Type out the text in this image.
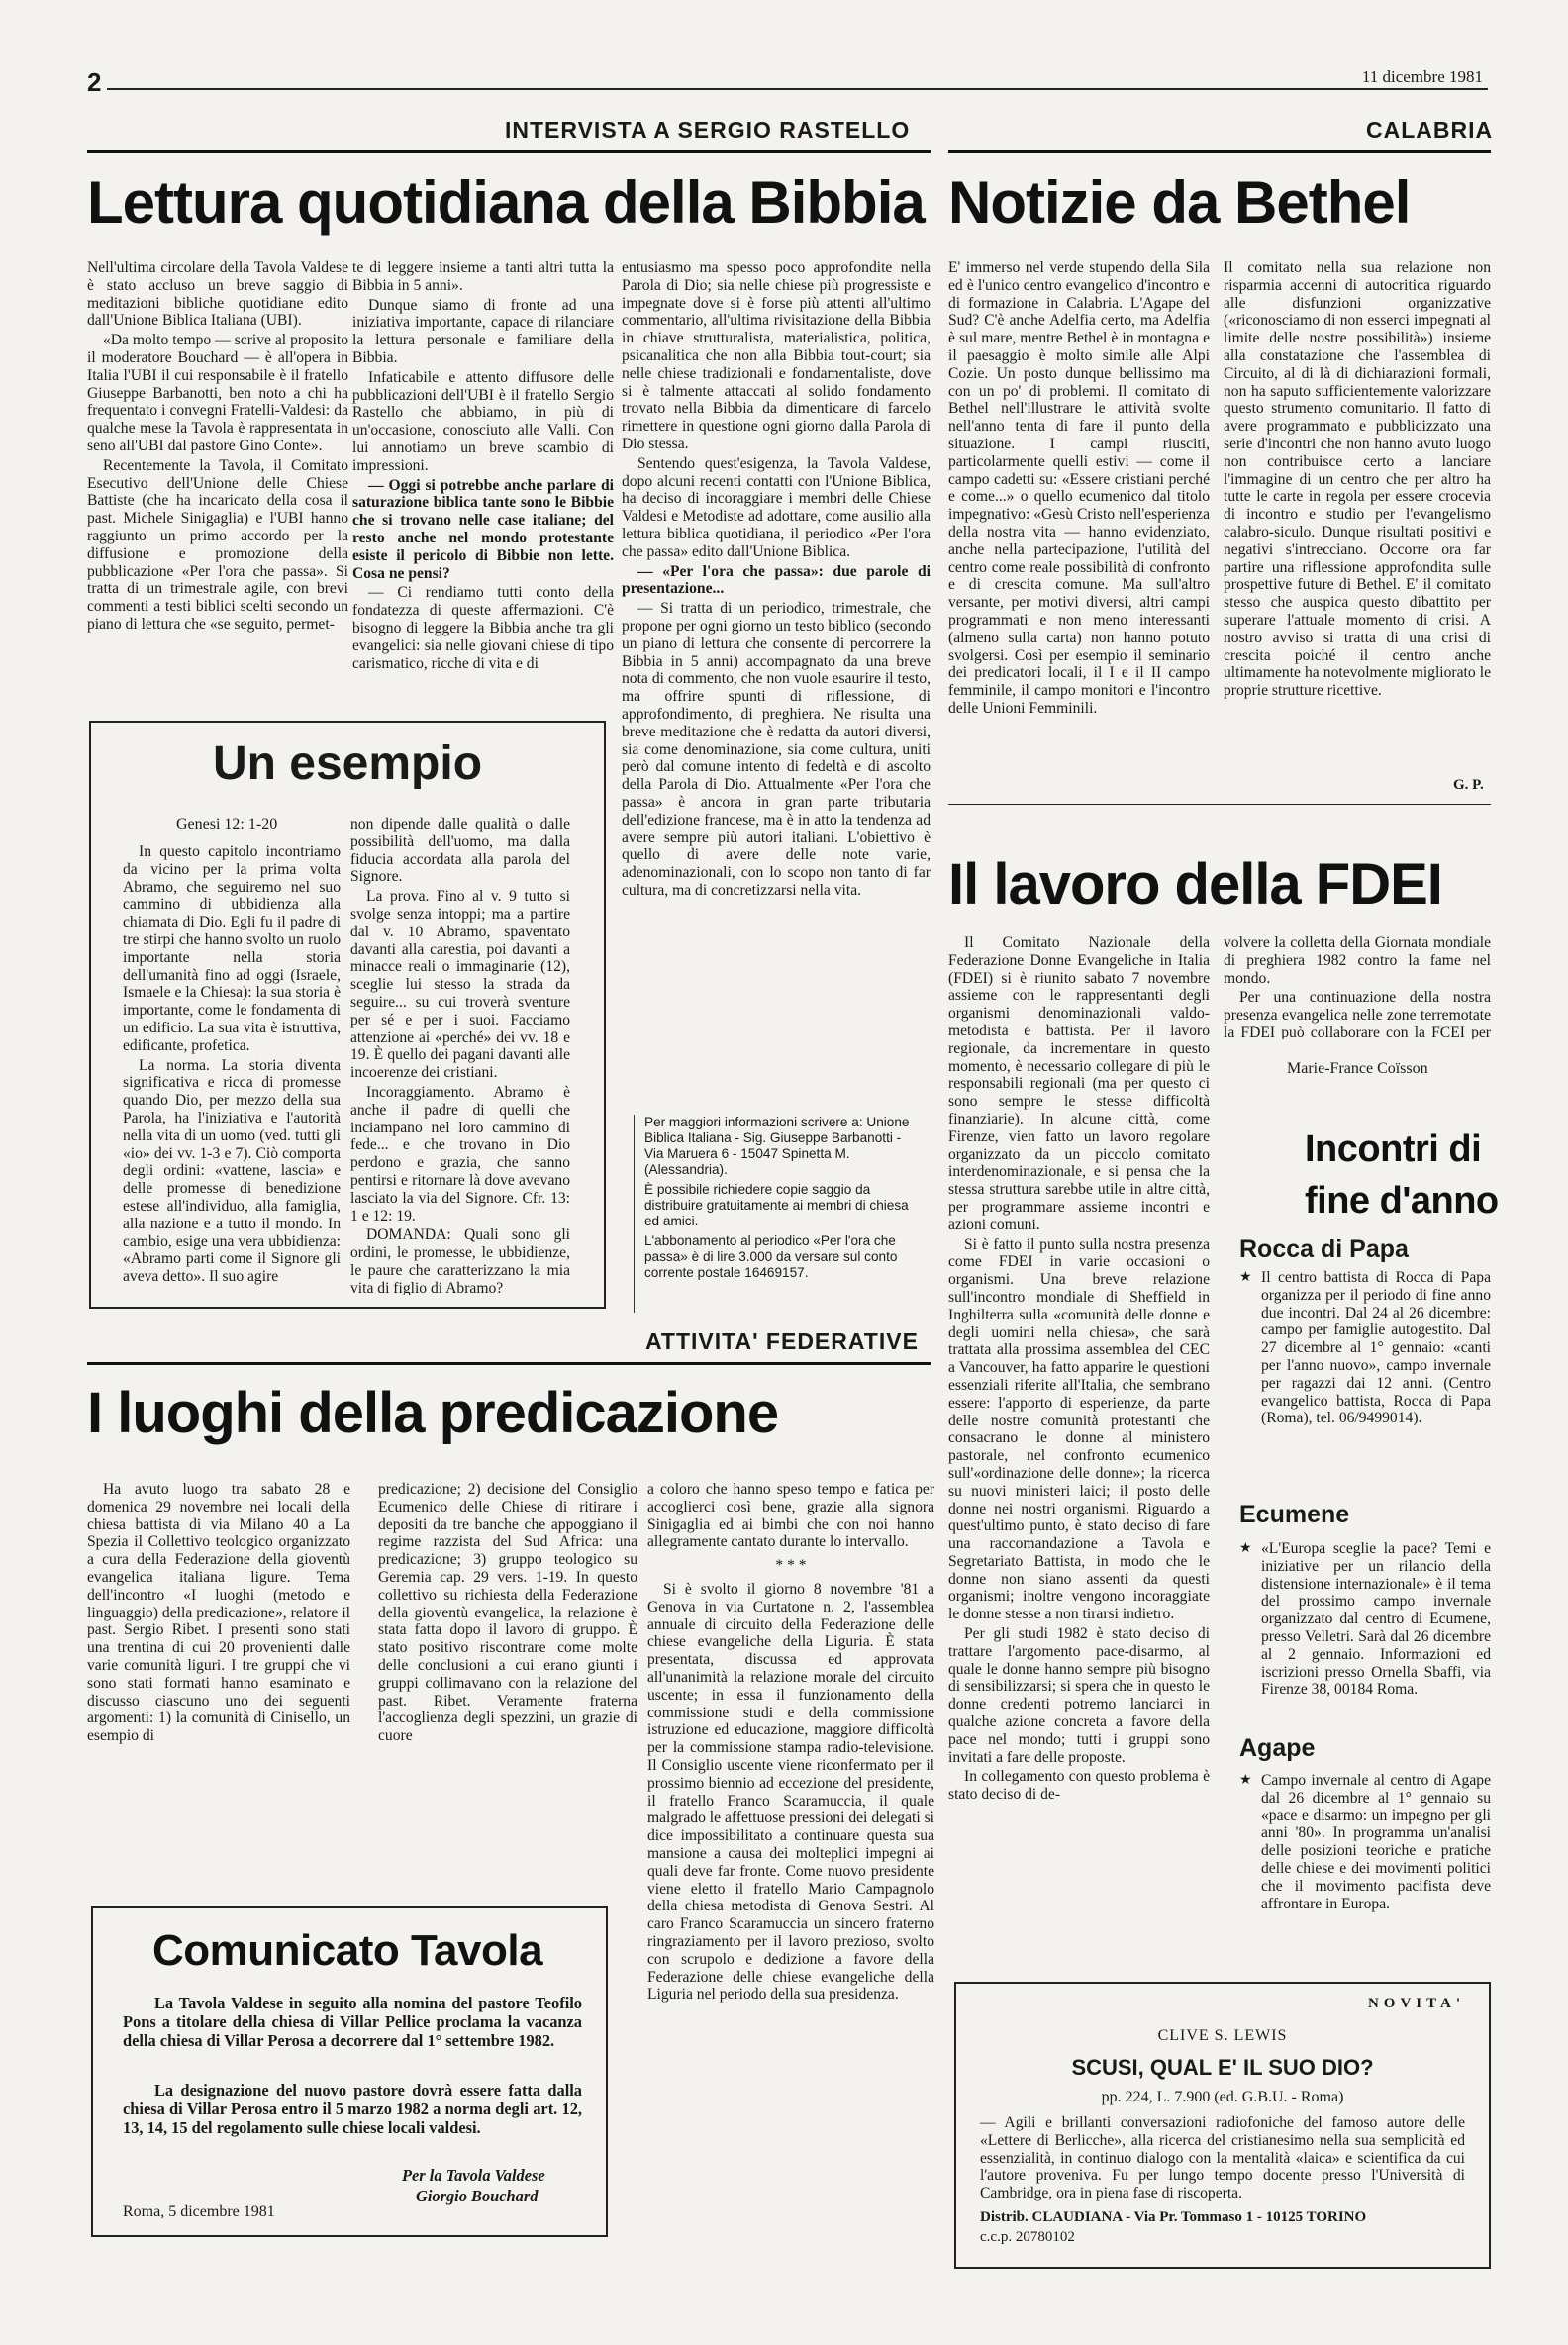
2	11 dicembre 1981
INTERVISTA A SERGIO RASTELLO
Lettura quotidiana della Bibbia

Nell'ultima circolare della Tavola Valdese è stato accluso un breve saggio di meditazioni bibliche quotidiane edito dall'Unione Biblica Italiana (UBI).

«Da molto tempo — scrive al proposito il moderatore Bouchard — è all'opera in Italia l'UBI il cui responsabile è il fratello Giuseppe Barbanotti, ben noto a chi ha frequentato i convegni Fratelli-Valdesi: da qualche mese la Tavola è rappresentata in seno all'UBI dal pastore Gino Conte».

Recentemente la Tavola, il Comitato Esecutivo dell'Unione delle Chiese Battiste (che ha incaricato della cosa il past. Michele Sinigaglia) e l'UBI hanno raggiunto un primo accordo per la diffusione e promozione della pubblicazione «Per l'ora che passa». Si tratta di un trimestrale agile, con brevi commenti a testi biblici scelti secondo un piano di lettura che «se seguito, permet-

te di leggere insieme a tanti altri tutta la Bibbia in 5 anni».

Dunque siamo di fronte ad una iniziativa importante, capace di rilanciare la lettura personale e familiare della Bibbia.

Infaticabile e attento diffusore delle pubblicazioni dell'UBI è il fratello Sergio Rastello che abbiamo, in più di un'occasione, conosciuto alle Valli. Con lui annotiamo un breve scambio di impressioni.

— Oggi si potrebbe anche parlare di saturazione biblica tante sono le Bibbie che si trovano nelle case italiane; del resto anche nel mondo protestante esiste il pericolo di Bibbie non lette. Cosa ne pensi?

— Ci rendiamo tutti conto della fondatezza di queste affermazioni. C'è bisogno di leggere la Bibbia anche tra gli evangelici: sia nelle giovani chiese di tipo carismatico, ricche di vita e di

entusiasmo ma spesso poco approfondite nella Parola di Dio; sia nelle chiese più progressiste e impegnate dove si è forse più attenti all'ultimo commentario, all'ultima rivisitazione della Bibbia in chiave strutturalista, materialistica, politica, psicanalitica che non alla Bibbia tout-court; sia nelle chiese tradizionali e fondamentaliste, dove si è talmente attaccati al solido fondamento trovato nella Bibbia da dimenticare di farcelo rimettere in questione ogni giorno dalla Parola di Dio stessa.

Sentendo quest'esigenza, la Tavola Valdese, dopo alcuni recenti contatti con l'Unione Biblica, ha deciso di incoraggiare i membri delle Chiese Valdesi e Metodiste ad adottare, come ausilio alla lettura biblica quotidiana, il periodico «Per l'ora che passa» edito dall'Unione Biblica.

— «Per l'ora che passa»: due parole di presentazione...

— Si tratta di un periodico, trimestrale, che propone per ogni giorno un testo biblico (secondo un piano di lettura che consente di percorrere la Bibbia in 5 anni) accompagnato da una breve nota di commento, che non vuole esaurire il testo, ma offrire spunti di riflessione, di approfondimento, di preghiera. Ne risulta una breve meditazione che è redatta da autori diversi, sia come denominazione, sia come cultura, uniti però dal comune intento di fedeltà e di ascolto della Parola di Dio. Attualmente «Per l'ora che passa» è ancora in gran parte tributaria dell'edizione francese, ma è in atto la tendenza ad avere sempre più autori italiani. L'obiettivo è quello di avere delle note varie, adenominazionali, con lo scopo non tanto di far cultura, ma di concretizzarsi nella vita.

Per maggiori informazioni scrivere a: Unione Biblica Italiana - Sig. Giuseppe Barbanotti - Via Maruera 6 - 15047 Spinetta M. (Alessandria).
È possibile richiedere copie saggio da distribuire gratuitamente ai membri di chiesa ed amici.
L'abbonamento al periodico «Per l'ora che passa» è di lire 3.000 da versare sul conto corrente postale 16469157.
Un esempio
Genesi 12: 1-20

In questo capitolo incontriamo da vicino per la prima volta Abramo, che seguiremo nel suo cammino di ubbidienza alla chiamata di Dio. Egli fu il padre di tre stirpi che hanno svolto un ruolo importante nella storia dell'umanità fino ad oggi (Israele, Ismaele e la Chiesa): la sua storia è importante, come le fondamenta di un edificio. La sua vita è istruttiva, edificante, profetica.

La norma. La storia diventa significativa e ricca di promesse quando Dio, per mezzo della sua Parola, ha l'iniziativa e l'autorità nella vita di un uomo (ved. tutti gli «io» dei vv. 1-3 e 7). Ciò comporta degli ordini: «vattene, lascia» e delle promesse di benedizione estese all'individuo, alla famiglia, alla nazione e a tutto il mondo. In cambio, esige una vera ubbidienza: «Abramo parti come il Signore gli aveva detto». Il suo agire

non dipende dalle qualità o dalle possibilità dell'uomo, ma dalla fiducia accordata alla parola del Signore.

La prova. Fino al v. 9 tutto si svolge senza intoppi; ma a partire dal v. 10 Abramo, spaventato davanti alla carestia, poi davanti a minacce reali o immaginarie (12), sceglie lui stesso la strada da seguire... su cui troverà sventure per sé e per i suoi. Facciamo attenzione ai «perché» dei vv. 18 e 19. È quello dei pagani davanti alle incoerenze dei cristiani.

Incoraggiamento. Abramo è anche il padre di quelli che inciampano nel loro cammino di fede... e che trovano in Dio perdono e grazia, che sanno pentirsi e ritornare là dove avevano lasciato la via del Signore. Cfr. 13: 1 e 12: 19.

DOMANDA: Quali sono gli ordini, le promesse, le ubbidienze, le paure che caratterizzano la mia vita di figlio di Abramo?

CALABRIA
Notizie da Bethel

E' immerso nel verde stupendo della Sila ed è l'unico centro evangelico d'incontro e di formazione in Calabria. L'Agape del Sud? C'è anche Adelfia certo, ma Adelfia è sul mare, mentre Bethel è in montagna e il paesaggio è molto simile alle Alpi Cozie. Un posto dunque bellissimo ma con un po' di problemi. Il comitato di Bethel nell'illustrare le attività svolte nell'anno tenta di fare il punto della situazione. I campi riusciti, particolarmente quelli estivi — come il campo cadetti su: «Essere cristiani perché e come...» o quello ecumenico dal titolo impegnativo: «Gesù Cristo nell'esperienza della nostra vita — hanno evidenziato, anche nella partecipazione, l'utilità del centro come reale possibilità di confronto e di crescita comune. Ma sull'altro versante, per motivi diversi, altri campi programmati e non meno interessanti (almeno sulla carta) non hanno potuto svolgersi. Così per esempio il seminario dei predicatori locali, il I e il II campo femminile, il campo monitori e l'incontro delle Unioni Femminili.

Il comitato nella sua relazione non risparmia accenni di autocritica riguardo alle disfunzioni organizzative («riconosciamo di non esserci impegnati al limite delle nostre possibilità») insieme alla constatazione che l'assemblea di Circuito, al di là di dichiarazioni formali, non ha saputo sufficientemente valorizzare questo strumento comunitario. Il fatto di avere programmato e pubblicizzato una serie d'incontri che non hanno avuto luogo non contribuisce certo a lanciare l'immagine di un centro che per altro ha tutte le carte in regola per essere crocevia di incontro e studio per l'evangelismo calabro-siculo. Dunque risultati positivi e negativi s'intrecciano. Occorre ora far partire una riflessione approfondita sulle prospettive future di Bethel. E' il comitato stesso che auspica questo dibattito per superare l'attuale momento di crisi. A nostro avviso si tratta di una crisi di crescita poiché il centro anche ultimamente ha notevolmente migliorato le proprie strutture ricettive.

G. P.
Il lavoro della FDEI

Il Comitato Nazionale della Federazione Donne Evangeliche in Italia (FDEI) si è riunito sabato 7 novembre assieme con le rappresentanti degli organismi denominazionali valdo-metodista e battista. Per il lavoro regionale, da incrementare in questo momento, è necessario collegare di più le responsabili regionali (ma per questo ci sono sempre le stesse difficoltà finanziarie). In alcune città, come Firenze, vien fatto un lavoro regolare organizzato da un piccolo comitato interdenominazionale, e si pensa che la stessa struttura sarebbe utile in altre città, per programmare assieme incontri e azioni comuni.

Si è fatto il punto sulla nostra presenza come FDEI in varie occasioni o organismi. Una breve relazione sull'incontro mondiale di Sheffield in Inghilterra sulla «comunità delle donne e degli uomini nella chiesa», che sarà trattata alla prossima assemblea del CEC a Vancouver, ha fatto apparire le questioni essenziali riferite all'Italia, che sembrano essere: l'apporto di esperienze, da parte delle nostre comunità protestanti che consacrano le donne al ministero pastorale, nel confronto ecumenico sull'«ordinazione delle donne»; la ricerca su nuovi ministeri laici; il posto delle donne nei nostri organismi. Riguardo a quest'ultimo punto, è stato deciso di fare una raccomandazione a Tavola e Segretariato Battista, in modo che le donne non siano assenti da questi organismi; inoltre vengono incoraggiate le donne stesse a non tirarsi indietro.

Per gli studi 1982 è stato deciso di trattare l'argomento pace-disarmo, al quale le donne hanno sempre più bisogno di sensibilizzarsi; si spera che in questo le donne credenti potremo lanciarci in qualche azione concreta a favore della pace nel mondo; tutti i gruppi sono invitati a fare delle proposte.

In collegamento con questo problema è stato deciso di de-

volvere la colletta della Giornata mondiale di preghiera 1982 contro la fame nel mondo.

Per una continuazione della nostra presenza evangelica nelle zone terremotate la FDEI può collaborare con la FCEI per

Marie-France Coïsson
Incontri di
fine d'anno
Rocca di Papa

★ Il centro battista di Rocca di Papa organizza per il periodo di fine anno due incontri. Dal 24 al 26 dicembre: campo per famiglie autogestito. Dal 27 dicembre al 1° gennaio: «canti per l'anno nuovo», campo invernale per ragazzi dai 12 anni. (Centro evangelico battista, Rocca di Papa (Roma), tel. 06/9499014).

Ecumene

★ «L'Europa sceglie la pace? Temi e iniziative per un rilancio della distensione internazionale» è il tema del prossimo campo invernale organizzato dal centro di Ecumene, presso Velletri. Sarà dal 26 dicembre al 2 gennaio. Informazioni ed iscrizioni presso Ornella Sbaffi, via Firenze 38, 00184 Roma.

Agape

★ Campo invernale al centro di Agape dal 26 dicembre al 1° gennaio su «pace e disarmo: un impegno per gli anni '80». In programma un'analisi delle posizioni teoriche e pratiche delle chiese e dei movimenti politici che il movimento pacifista deve affrontare in Europa.

ATTIVITA' FEDERATIVE
I luoghi della predicazione

Ha avuto luogo tra sabato 28 e domenica 29 novembre nei locali della chiesa battista di via Milano 40 a La Spezia il Collettivo teologico organizzato a cura della Federazione della gioventù evangelica italiana ligure. Tema dell'incontro «I luoghi (metodo e linguaggio) della predicazione», relatore il past. Sergio Ribet. I presenti sono stati una trentina di cui 20 provenienti dalle varie comunità liguri. I tre gruppi che vi sono stati formati hanno esaminato e discusso ciascuno uno dei seguenti argomenti: 1) la comunità di Cinisello, un esempio di

predicazione; 2) decisione del Consiglio Ecumenico delle Chiese di ritirare i depositi da tre banche che appoggiano il regime razzista del Sud Africa: una predicazione; 3) gruppo teologico su Geremia cap. 29 vers. 1-19. In questo collettivo su richiesta della Federazione della gioventù evangelica, la relazione è stata fatta dopo il lavoro di gruppo. È stato positivo riscontrare come molte delle conclusioni a cui erano giunti i gruppi collimavano con la relazione del past. Ribet. Veramente fraterna l'accoglienza degli spezzini, un grazie di cuore

a coloro che hanno speso tempo e fatica per accoglierci così bene, grazie alla signora Sinigaglia ed ai bimbi che con noi hanno allegramente cantato durante lo intervallo.

* * *

Si è svolto il giorno 8 novembre '81 a Genova in via Curtatone n. 2, l'assemblea annuale di circuito della Federazione delle chiese evangeliche della Liguria. È stata presentata, discussa ed approvata all'unanimità la relazione morale del circuito uscente; in essa il funzionamento della commissione studi e della commissione istruzione ed educazione, maggiore difficoltà per la commissione stampa radio-televisione. Il Consiglio uscente viene riconfermato per il prossimo biennio ad eccezione del presidente, il fratello Franco Scaramuccia, il quale malgrado le affettuose pressioni dei delegati si dice impossibilitato a continuare questa sua mansione a causa dei molteplici impegni ai quali deve far fronte. Come nuovo presidente viene eletto il fratello Mario Campagnolo della chiesa metodista di Genova Sestri. Al caro Franco Scaramuccia un sincero fraterno ringraziamento per il lavoro prezioso, svolto con scrupolo e dedizione a favore della Federazione delle chiese evangeliche della Liguria nel periodo della sua presidenza.

Comunicato Tavola
La Tavola Valdese in seguito alla nomina del pastore Teofilo Pons a titolare della chiesa di Villar Pellice proclama la vacanza della chiesa di Villar Perosa a decorrere dal 1° settembre 1982.
La designazione del nuovo pastore dovrà essere fatta dalla chiesa di Villar Perosa entro il 5 marzo 1982 a norma degli art. 12, 13, 14, 15 del regolamento sulle chiese locali valdesi.
Per la Tavola Valdese
Giorgio Bouchard
Roma, 5 dicembre 1981
NOVITA'
CLIVE S. LEWIS
SCUSI, QUAL E' IL SUO DIO?
pp. 224, L. 7.900 (ed. G.B.U. - Roma)
— Agili e brillanti conversazioni radiofoniche del famoso autore delle «Lettere di Berlicche», alla ricerca del cristianesimo nella sua semplicità ed essenzialità, in continuo dialogo con la mentalità «laica» e scientifica da cui l'autore proveniva. Fu per lungo tempo docente presso l'Università di Cambridge, ora in piena fase di riscoperta.
Distrib. CLAUDIANA - Via Pr. Tommaso 1 - 10125 TORINO
c.c.p. 20780102
